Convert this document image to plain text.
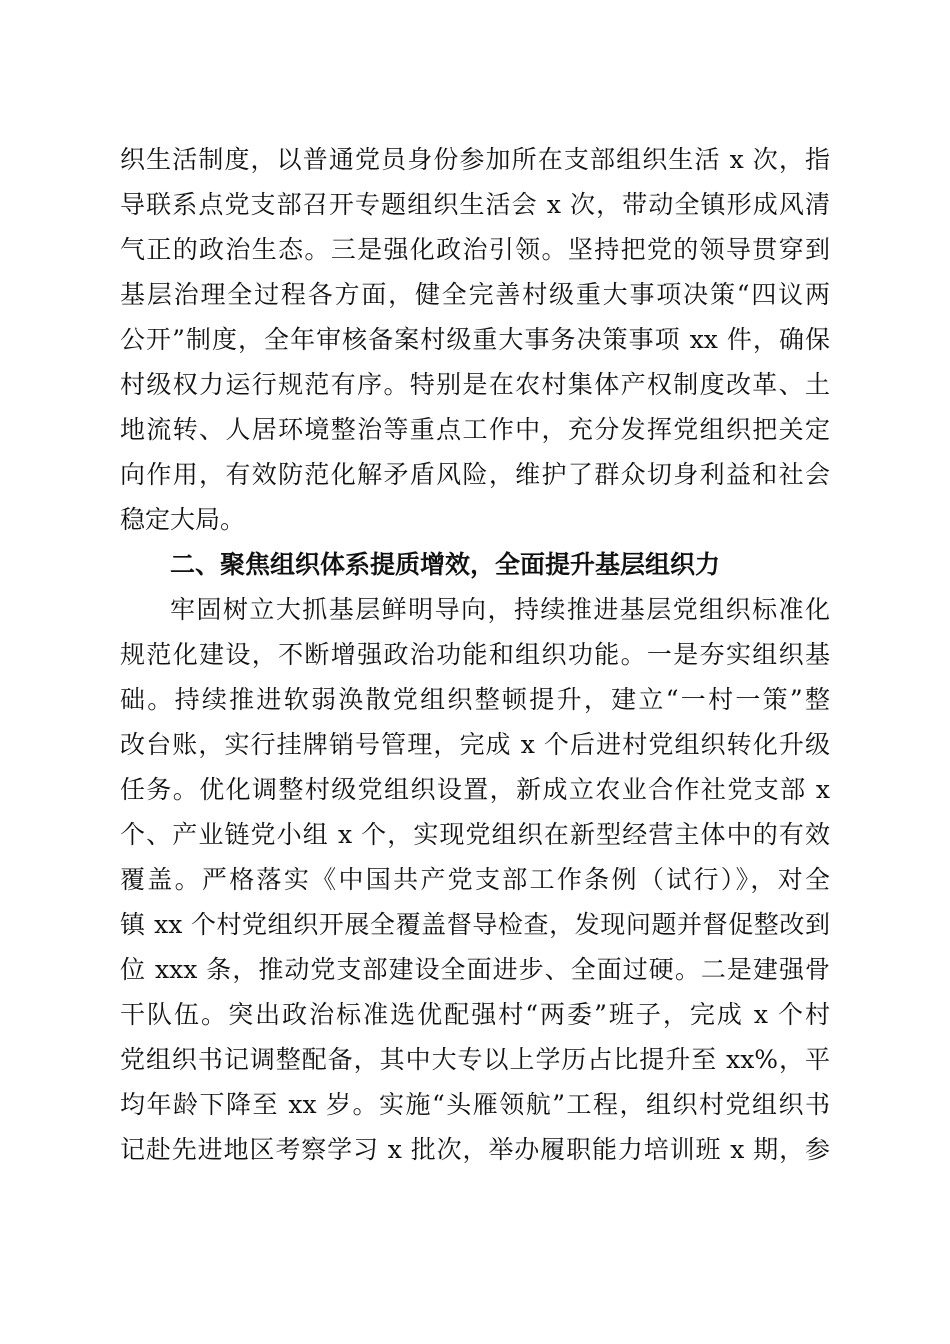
织生活制度，以普通党员身份参加所在支部组织生活 x 次，指
导联系点党支部召开专题组织生活会 x 次，带动全镇形成风清
气正的政治生态。三是强化政治引领。坚持把党的领导贯穿到
基层治理全过程各方面，健全完善村级重大事项决策“四议两
公开”制度，全年审核备案村级重大事务决策事项 xx 件，确保
村级权力运行规范有序。特别是在农村集体产权制度改革、土
地流转、人居环境整治等重点工作中，充分发挥党组织把关定
向作用，有效防范化解矛盾风险，维护了群众切身利益和社会
稳定大局。
二、聚焦组织体系提质增效，全面提升基层组织力
牢固树立大抓基层鲜明导向，持续推进基层党组织标准化
规范化建设，不断增强政治功能和组织功能。一是夯实组织基
础。持续推进软弱涣散党组织整顿提升，建立“一村一策”整
改台账，实行挂牌销号管理，完成 x 个后进村党组织转化升级
任务。优化调整村级党组织设置，新成立农业合作社党支部 x
个、产业链党小组 x 个，实现党组织在新型经营主体中的有效
覆盖。严格落实《中国共产党支部工作条例（试行）》，对全
镇 xx 个村党组织开展全覆盖督导检查，发现问题并督促整改到
位 xxx 条，推动党支部建设全面进步、全面过硬。二是建强骨
干队伍。突出政治标准选优配强村“两委”班子，完成 x 个村
党组织书记调整配备，其中大专以上学历占比提升至 xx%，平
均年龄下降至 xx 岁。实施“头雁领航”工程，组织村党组织书
记赴先进地区考察学习 x 批次，举办履职能力培训班 x 期，参
